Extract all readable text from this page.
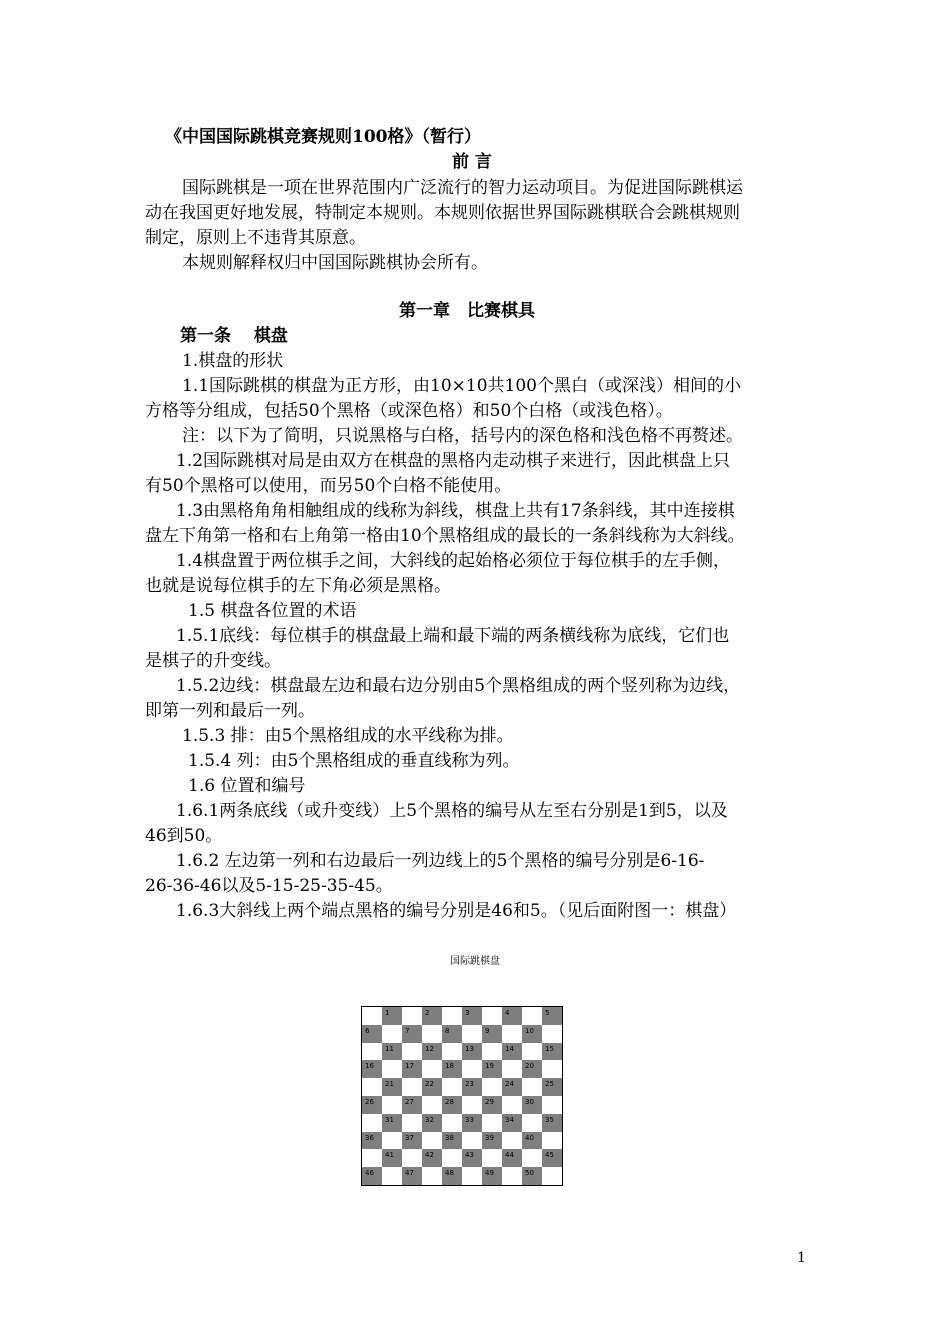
《中国国际跳棋竞赛规则100格》（暂行）
前 言
国际跳棋是一项在世界范围内广泛流行的智力运动项目。为促进国际跳棋运
动在我国更好地发展，特制定本规则。本规则依据世界国际跳棋联合会跳棋规则
制定，原则上不违背其原意。
本规则解释权归中国国际跳棋协会所有。
第一章　比赛棋具
第一条　 棋盘
1.棋盘的形状
1.1国际跳棋的棋盘为正方形，由10×10共100个黑白（或深浅）相间的小
方格等分组成，包括50个黑格（或深色格）和50个白格（或浅色格）。
注：以下为了简明，只说黑格与白格，括号内的深色格和浅色格不再赘述。
1.2国际跳棋对局是由双方在棋盘的黑格内走动棋子来进行，因此棋盘上只
有50个黑格可以使用，而另50个白格不能使用。
1.3由黑格角角相触组成的线称为斜线，棋盘上共有17条斜线，其中连接棋
盘左下角第一格和右上角第一格由10个黑格组成的最长的一条斜线称为大斜线。
1.4棋盘置于两位棋手之间，大斜线的起始格必须位于每位棋手的左手侧，
也就是说每位棋手的左下角必须是黑格。
1.5 棋盘各位置的术语
1.5.1底线：每位棋手的棋盘最上端和最下端的两条横线称为底线，它们也
是棋子的升变线。
1.5.2边线：棋盘最左边和最右边分别由5个黑格组成的两个竖列称为边线，
即第一列和最后一列。
1.5.3 排：由5个黑格组成的水平线称为排。
1.5.4 列：由5个黑格组成的垂直线称为列。
1.6 位置和编号
1.6.1两条底线（或升变线）上5个黑格的编号从左至右分别是1到5，以及
46到50。
1.6.2 左边第一列和右边最后一列边线上的5个黑格的编号分别是6-16-
26-36-46以及5-15-25-35-45。
1.6.3大斜线上两个端点黑格的编号分别是46和5。（见后面附图一：棋盘）
国际跳棋盘
1	2	3	4	5
6	7	8	9	10
11	12	13	14	15
16	17	18	19	20
21	22	23	24	25
26	27	28	29	30
31	32	33	34	35
36	37	38	39	40
41	42	43	44	45
46	47	48	49	50
1
